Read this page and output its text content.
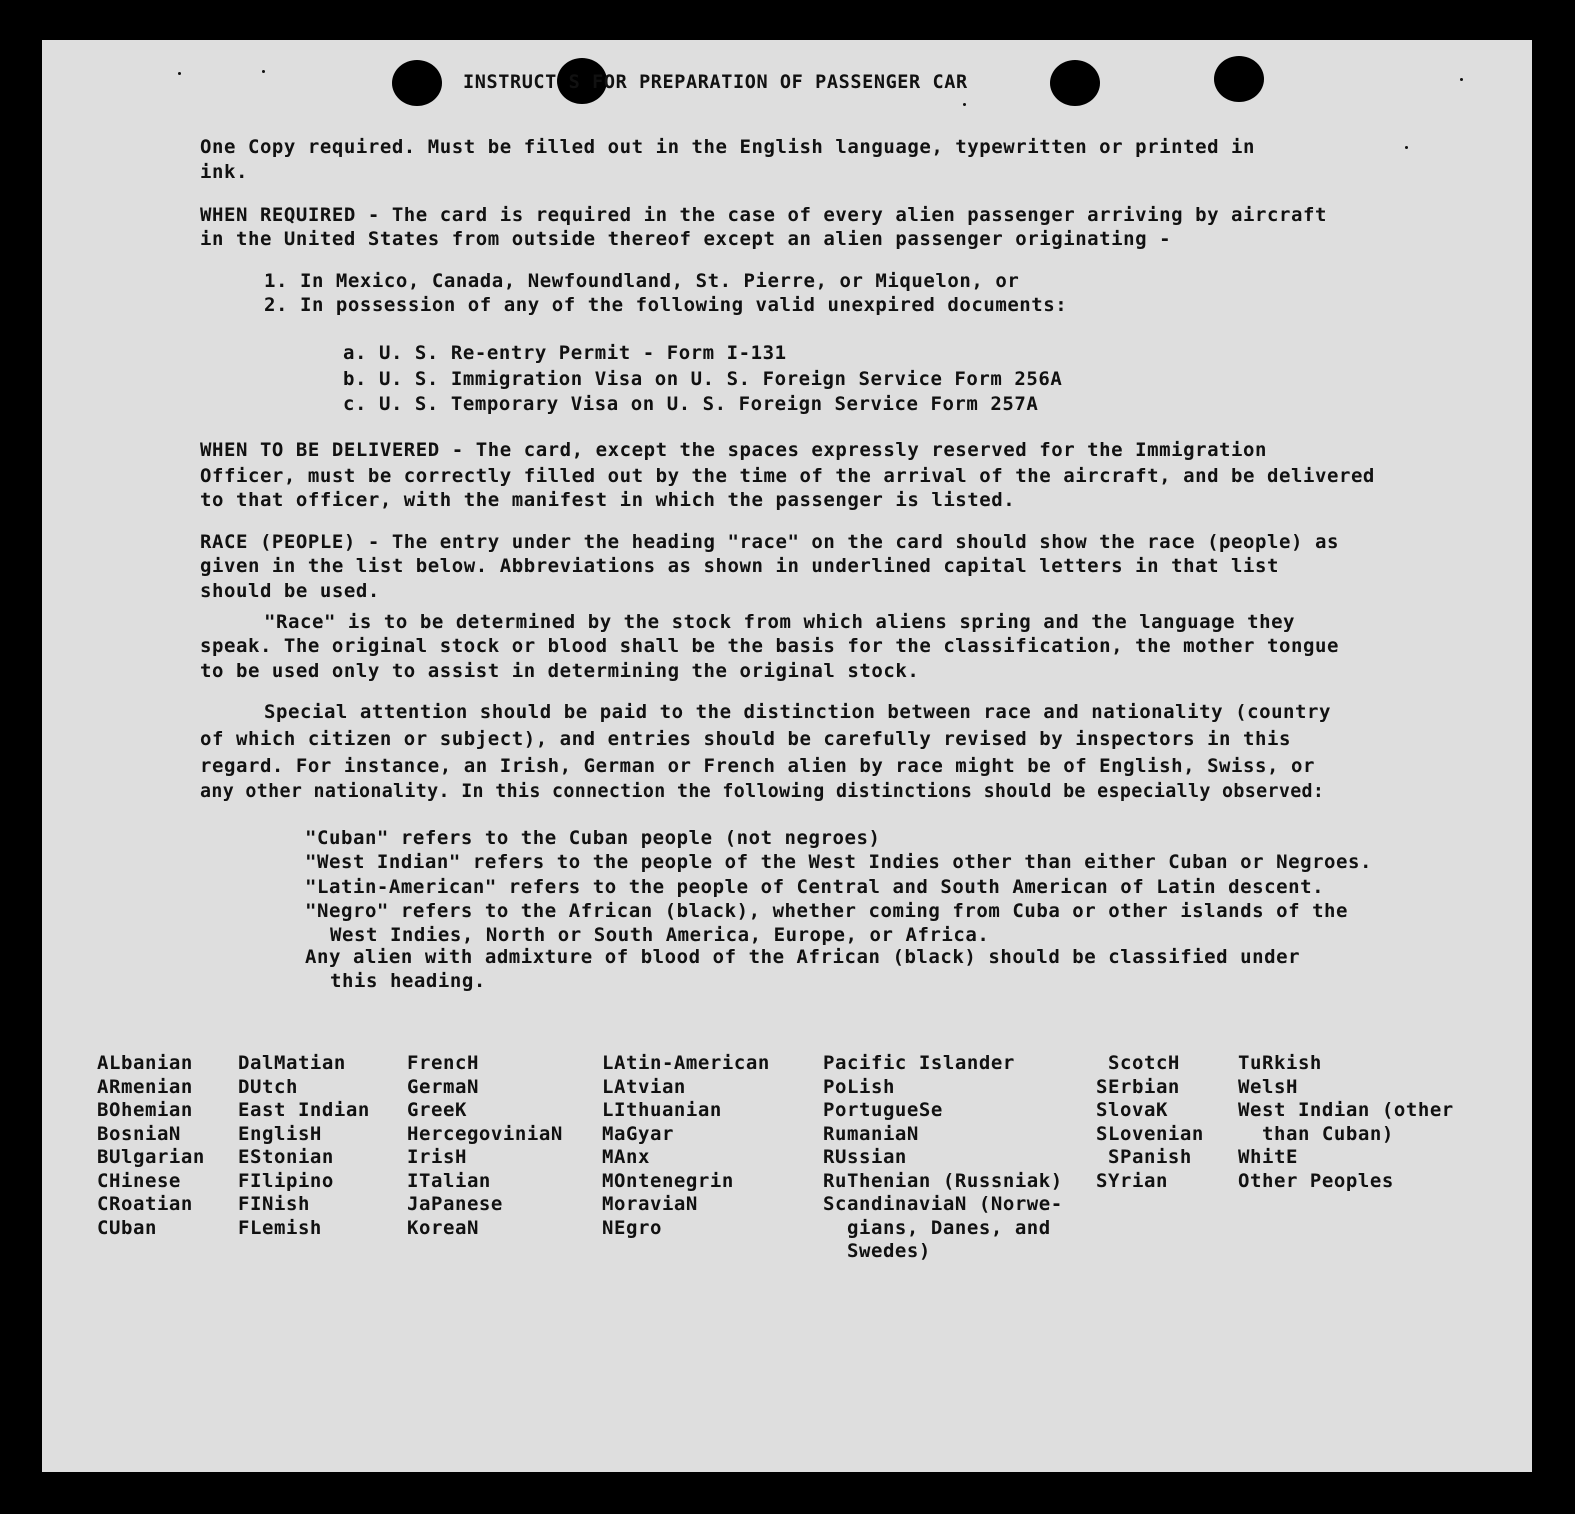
INSTRUCT S FOR PREPARATION OF PASSENGER CAR
One Copy required. Must be filled out in the English language, typewritten or printed in
ink.
WHEN REQUIRED - The card is required in the case of every alien passenger arriving by aircraft
in the United States from outside thereof except an alien passenger originating -
1. In Mexico, Canada, Newfoundland, St. Pierre, or Miquelon, or
2. In possession of any of the following valid unexpired documents:
a. U. S. Re-entry Permit - Form I-131
b. U. S. Immigration Visa on U. S. Foreign Service Form 256A
c. U. S. Temporary Visa on U. S. Foreign Service Form 257A
WHEN TO BE DELIVERED - The card, except the spaces expressly reserved for the Immigration
Officer, must be correctly filled out by the time of the arrival of the aircraft, and be delivered
to that officer, with the manifest in which the passenger is listed.
RACE (PEOPLE) - The entry under the heading "race" on the card should show the race (people) as
given in the list below. Abbreviations as shown in underlined capital letters in that list
should be used.
"Race" is to be determined by the stock from which aliens spring and the language they
speak. The original stock or blood shall be the basis for the classification, the mother tongue
to be used only to assist in determining the original stock.
Special attention should be paid to the distinction between race and nationality (country
of which citizen or subject), and entries should be carefully revised by inspectors in this
regard. For instance, an Irish, German or French alien by race might be of English, Swiss, or
any other nationality. In this connection the following distinctions should be especially observed:
"Cuban" refers to the Cuban people (not negroes)
"West Indian" refers to the people of the West Indies other than either Cuban or Negroes.
"Latin-American" refers to the people of Central and South American of Latin descent.
"Negro" refers to the African (black), whether coming from Cuba or other islands of the
West Indies, North or South America, Europe, or Africa.
Any alien with admixture of blood of the African (black) should be classified under
this heading.
ALbanian
ARmenian
BOhemian
BosniaN
BUlgarian
CHinese
CRoatian
CUban
DalMatian
DUtch
East Indian
EnglisH
EStonian
FIlipino
FINish
FLemish
FrencH
GermaN
GreeK
HercegoviniaN
IrisH
ITalian
JaPanese
KoreaN
LAtin-American
LAtvian
LIthuanian
MaGyar
MAnx
MOntenegrin
MoraviaN
NEgro
Pacific Islander
PoLish
PortugueSe
RumaniaN
RUssian
RuThenian (Russniak)
ScandinaviaN (Norwe-
gians, Danes, and
Swedes)
ScotcH
SErbian
SlovaK
SLovenian
SPanish
SYrian
TuRkish
WelsH
West Indian (other
than Cuban)
WhitE
Other Peoples
